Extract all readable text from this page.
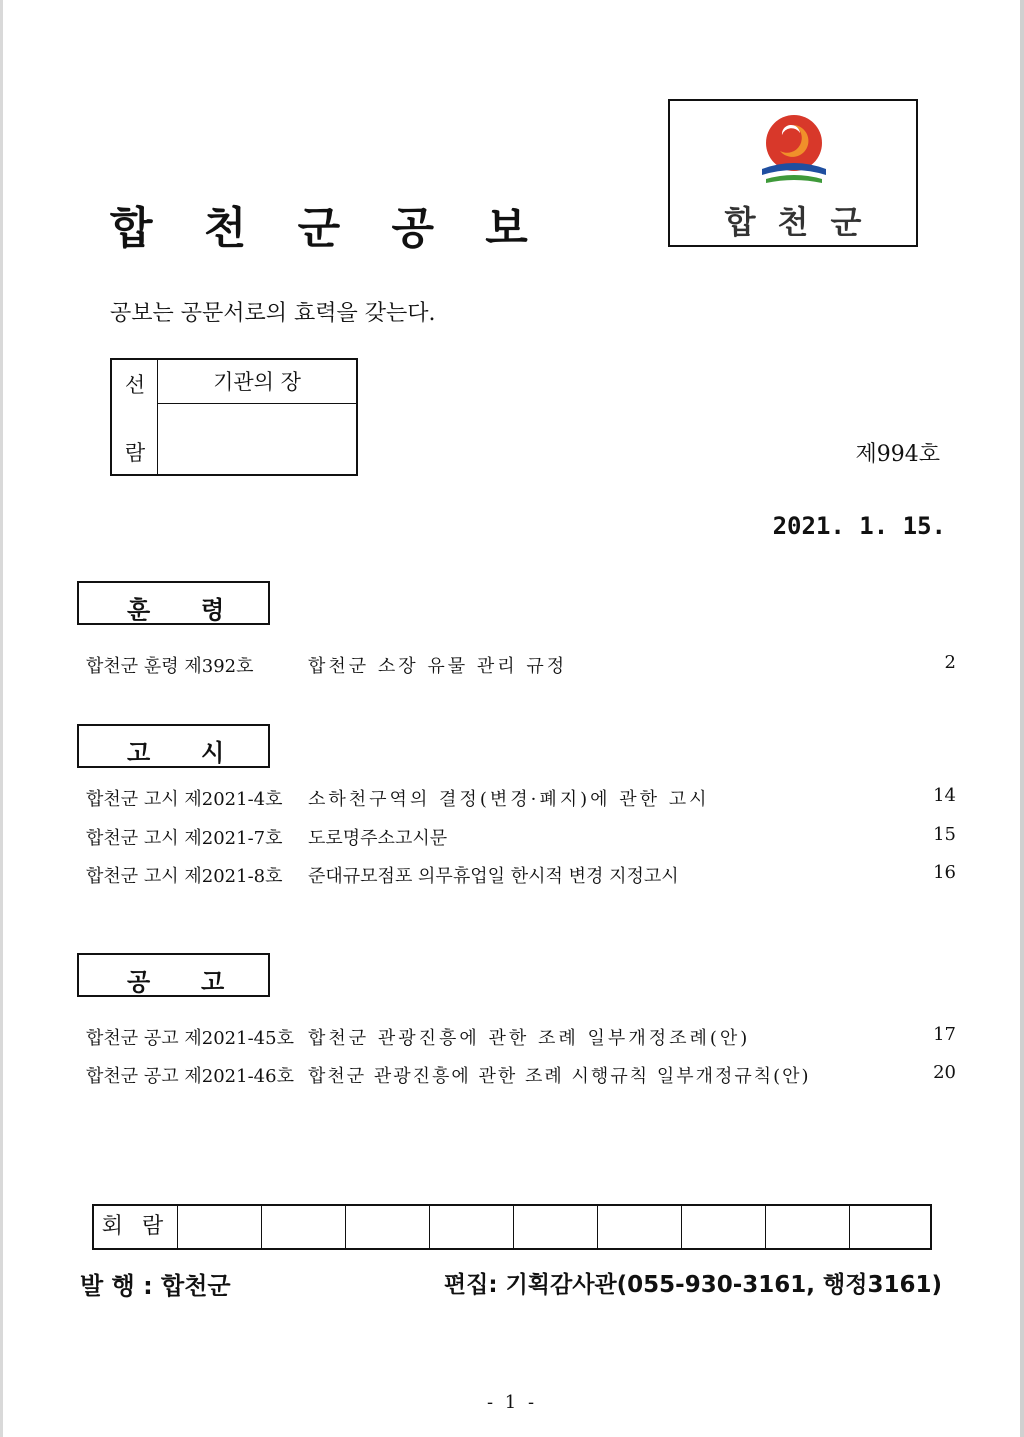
합 천 군 공 보	합천군
공보는 공문서로의 효력을 갖는다.
선
람
기관의 장
제994호
2021. 1. 15.
훈 령
합천군 훈령 제392호	합천군 소장 유물 관리 규정	2
고 시
합천군 고시 제2021-4호 소하천구역의 결정(변경·폐지)에 관한 고시	14
합천군 고시 제2021-7호 도로명주소고시문	15
합천군 고시 제2021-8호 준대규모점포 의무휴업일 한시적 변경 지정고시	16
공 고
합천군 공고 제2021-45호 합천군 관광진흥에 관한 조례 일부개정조례(안)	17
합천군 공고 제2021-46호 합천군 관광진흥에 관한 조례 시행규칙 일부개정규칙(안)	20
회 람
발 행 : 합천군	편집: 기획감사관(055-930-3161, 행정3161)
- 1 -
